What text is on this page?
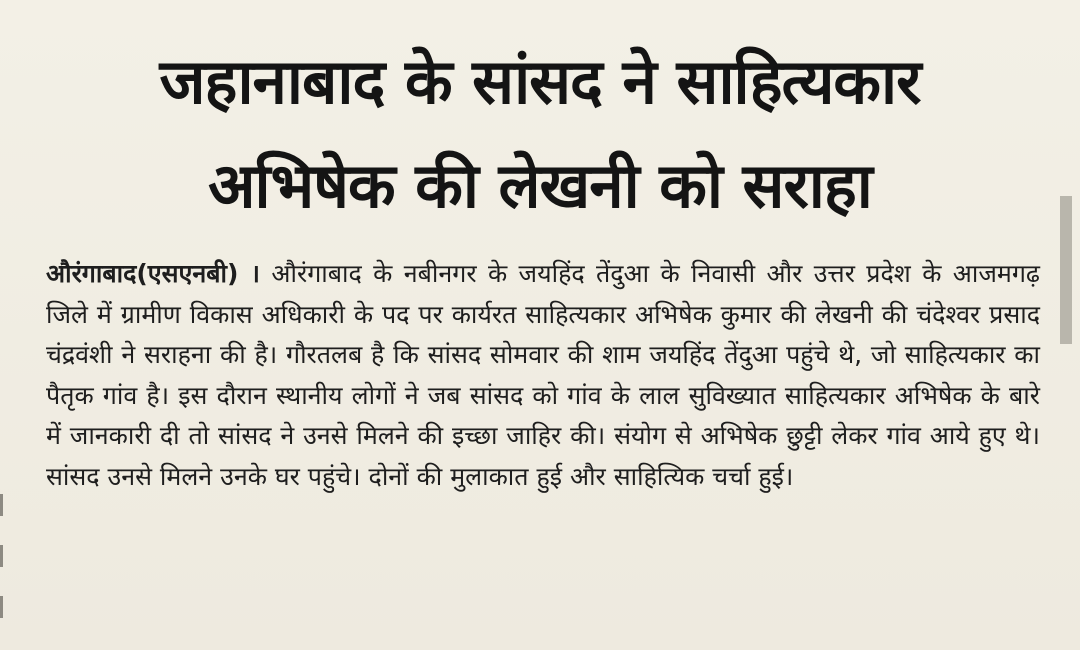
जहानाबाद के सांसद ने साहित्यकार
अभिषेक की लेखनी को सराहा

औरंगाबाद(एसएनबी) । औरंगाबाद के नबीनगर के जयहिंद तेंदुआ के निवासी और उत्तर प्रदेश के आजमगढ़ जिले में ग्रामीण विकास अधिकारी के पद पर कार्यरत साहित्यकार अभिषेक कुमार की लेखनी की चंदेश्वर प्रसाद चंद्रवंशी ने सराहना की है। गौरतलब है कि सांसद सोमवार की शाम जयहिंद तेंदुआ पहुंचे थे, जो साहित्यकार का पैतृक गांव है। इस दौरान स्थानीय लोगों ने जब सांसद को गांव के लाल सुविख्यात साहित्यकार अभिषेक के बारे में जानकारी दी तो सांसद ने उनसे मिलने की इच्छा जाहिर की। संयोग से अभिषेक छुट्टी लेकर गांव आये हुए थे। सांसद उनसे मिलने उनके घर पहुंचे। दोनों की मुलाकात हुई और साहित्यिक चर्चा हुई।
